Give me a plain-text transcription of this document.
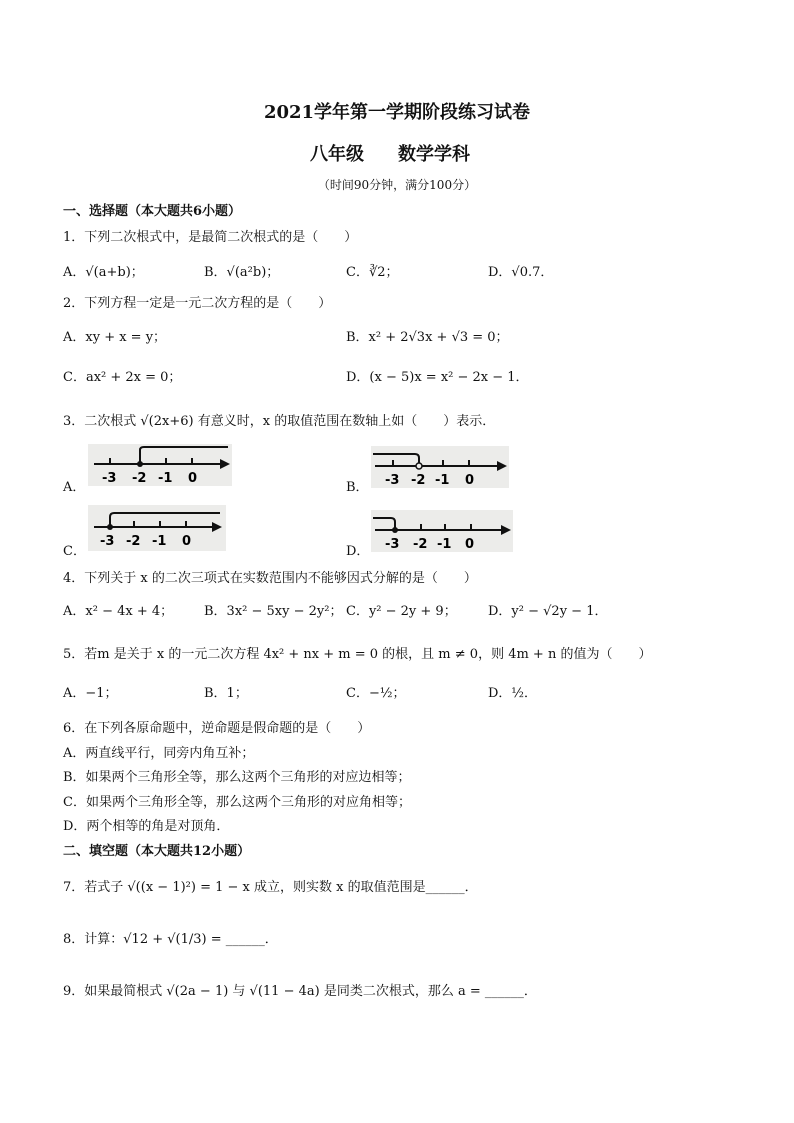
2021学年第一学期阶段练习试卷
八年级 数学学科
（时间90分钟，满分100分）
一、选择题（本大题共6小题）
1．下列二次根式中，是最简二次根式的是（　　）
A．√(a+b)；	B．√(a²b)；	C．∛2；	D．√0.7．
2．下列方程一定是一元二次方程的是（　　）
A．xy + x = y；	B．x² + 2√3x + √3 = 0；
C．ax² + 2x = 0；	D．(x − 5)x = x² − 2x − 1．
3．二次根式 √(2x+6) 有意义时，x 的取值范围在数轴上如（　　）表示．
A．
-3 -2 -1 0
B． -3 -2 -1 0
C．
-3 -2 -1 0
D． -3 -2 -1 0
4．下列关于 x 的二次三项式在实数范围内不能够因式分解的是（　　）
A．x² − 4x + 4； B．3x² − 5xy − 2y²； C．y² − 2y + 9； D．y² − √2y − 1．
5．若m 是关于 x 的一元二次方程 4x² + nx + m = 0 的根，且 m ≠ 0，则 4m + n 的值为（　　）
A．−1；	B．1；	C．−½；	D．½．
6．在下列各原命题中，逆命题是假命题的是（　　）
A．两直线平行，同旁内角互补；
B．如果两个三角形全等，那么这两个三角形的对应边相等；
C．如果两个三角形全等，那么这两个三角形的对应角相等；
D．两个相等的角是对顶角．
二、填空题（本大题共12小题）
7．若式子 √((x − 1)²) = 1 − x 成立，则实数 x 的取值范围是______．
8．计算：√12 + √(1/3) = ______．
9．如果最简根式 √(2a − 1) 与 √(11 − 4a) 是同类二次根式，那么 a = ______．
